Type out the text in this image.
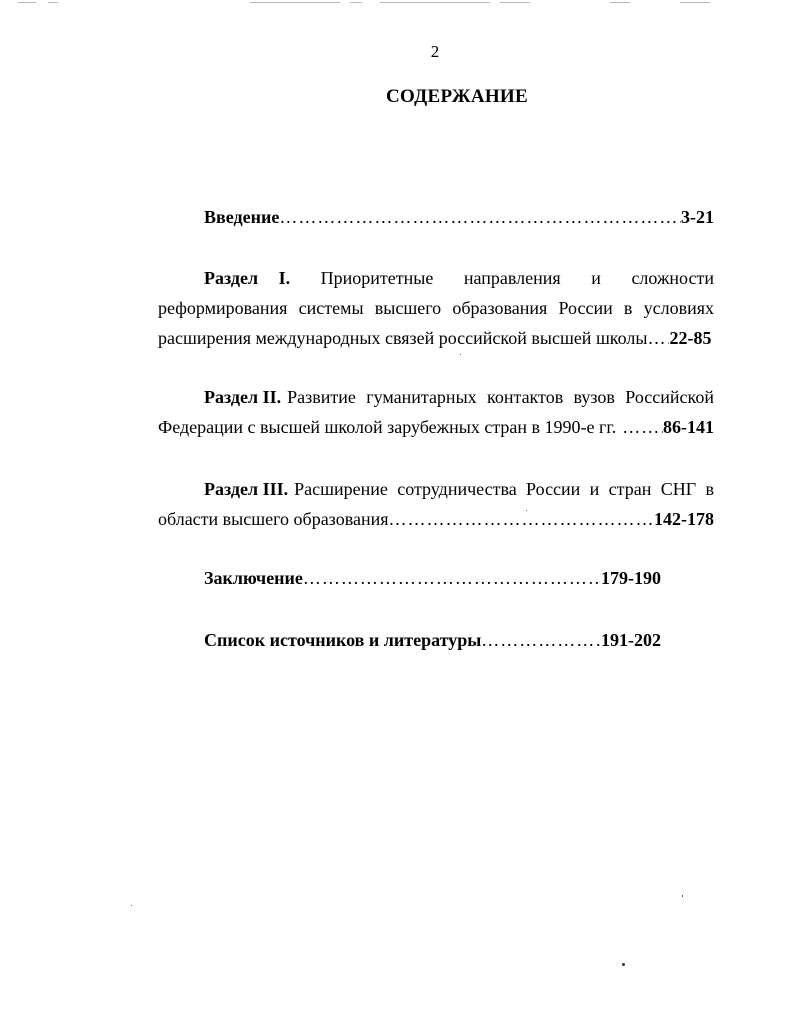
2
СОДЕРЖАНИЕ
Введение …………………………………………………………………………………………………………………………	3-21
Раздел I. Приоритетные направления и сложности
реформирования системы высшего образования России в условиях
расширения международных связей российской высшей школы ………………………………………………………………………………………………………………………… 22-85
Раздел II. Развитие гуманитарных контактов вузов Российской
Федерации с высшей школой зарубежных стран в 1990-е гг. …………………………………………………………………………………………………………………………	86-141
Раздел III. Расширение сотрудничества России и стран СНГ в
области высшего образования …………………………………………………………………………………………………………………………	142-178
Заключение …………………………………………………………………………………………………………………………	179-190
Список источников и литературы …………………………………………………………………………………………………………………………	191-202
